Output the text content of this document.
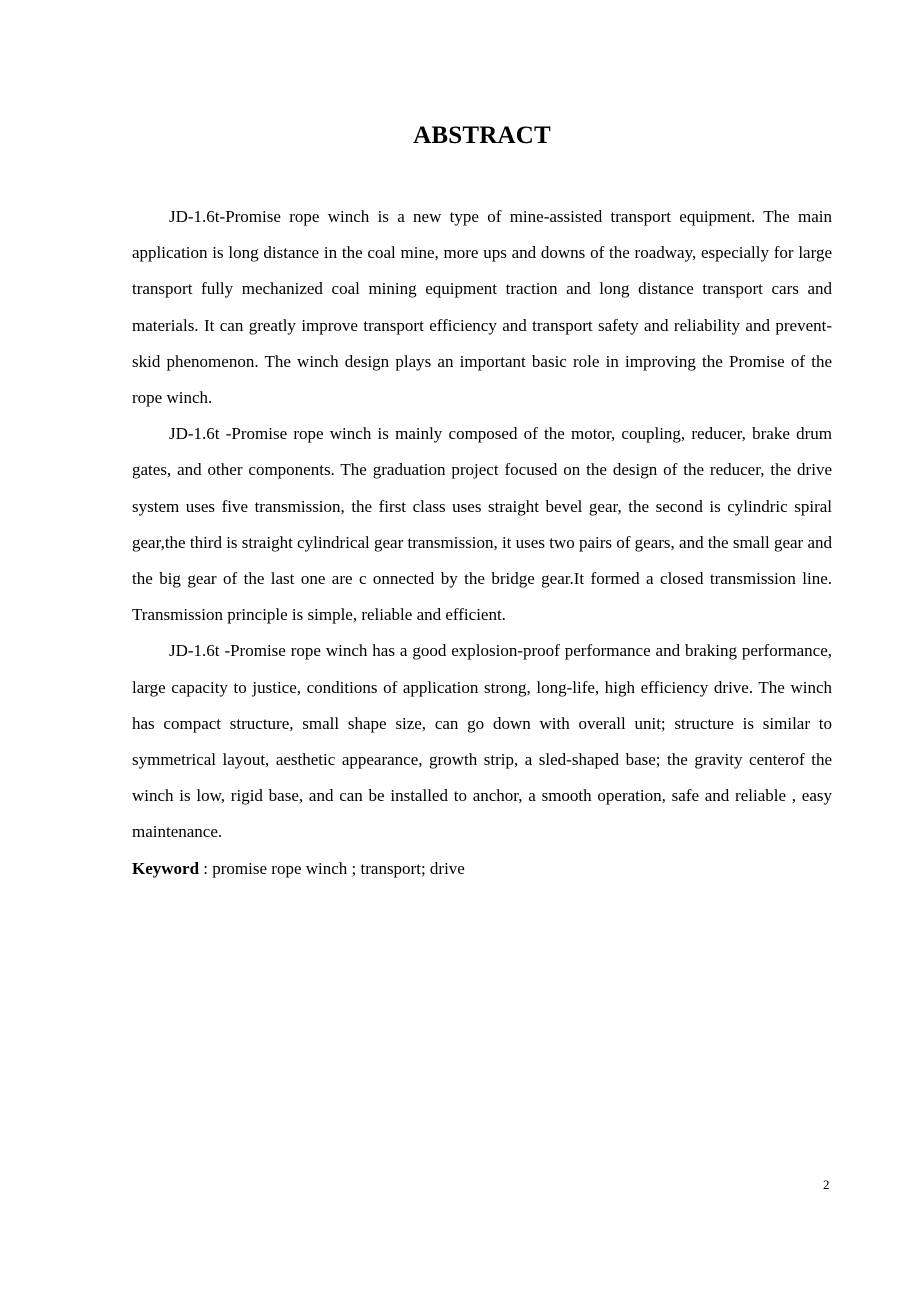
ABSTRACT

JD-1.6t-Promise rope winch is a new type of mine-assisted transport equipment. The main application is long distance in the coal mine, more ups and downs of the roadway, especially for large transport fully mechanized coal mining equipment traction and long distance transport cars and materials. It can greatly improve transport efficiency and transport safety and reliability and prevent-skid phenomenon. The winch design plays an important basic role in improving the Promise of the rope winch.

JD-1.6t -Promise rope winch is mainly composed of the motor, coupling, reducer, brake drum gates, and other components. The graduation project focused on the design of the reducer, the drive system uses five transmission, the first class uses straight bevel gear, the second is cylindric spiral gear,the third is straight cylindrical gear transmission, it uses two pairs of gears, and the small gear and the big gear of the last one are c onnected by the bridge gear.It formed a closed transmission line. Transmission principle is simple, reliable and efficient.

JD-1.6t -Promise rope winch has a good explosion-proof performance and braking performance, large capacity to justice, conditions of application strong, long-life, high efficiency drive. The winch has compact structure, small shape size, can go down with overall unit; structure is similar to symmetrical layout, aesthetic appearance, growth strip, a sled-shaped base; the gravity centerof the winch is low, rigid base, and can be installed to anchor, a smooth operation, safe and reliable , easy maintenance.

Keyword : promise rope winch ; transport; drive
2
